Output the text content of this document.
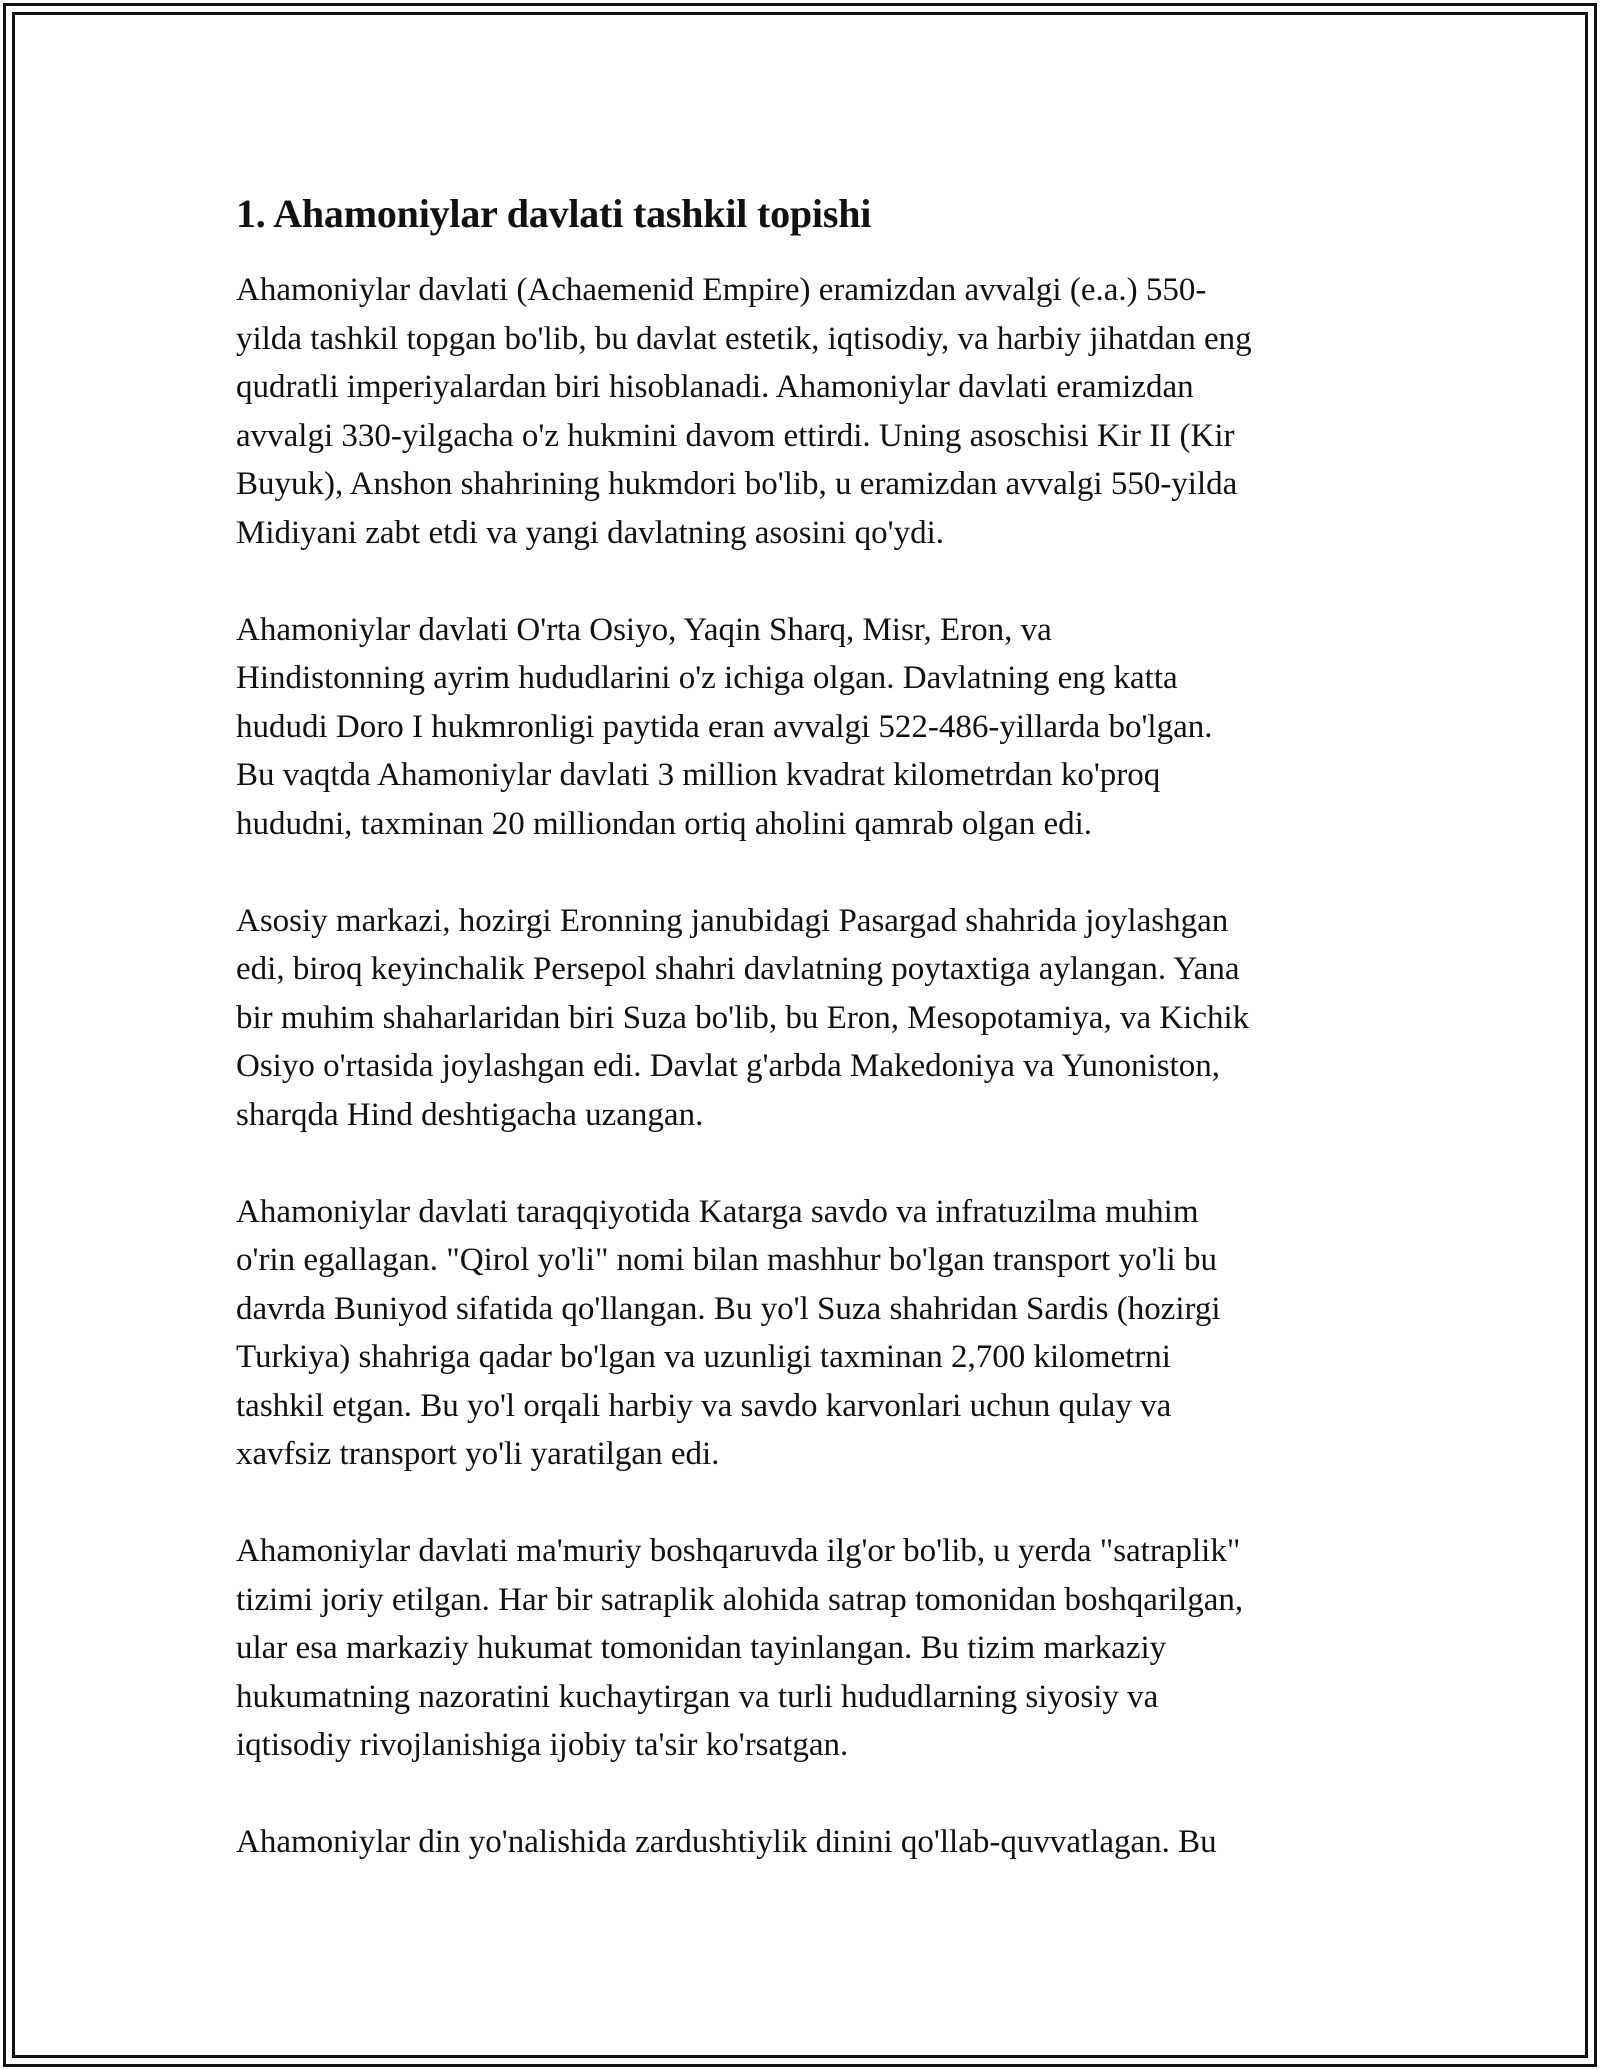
1. Ahamoniylar davlati tashkil topishi

Ahamoniylar davlati (Achaemenid Empire) eramizdan avvalgi (e.a.) 550-
yilda tashkil topgan bo'lib, bu davlat estetik, iqtisodiy, va harbiy jihatdan eng
qudratli imperiyalardan biri hisoblanadi. Ahamoniylar davlati eramizdan
avvalgi 330-yilgacha o'z hukmini davom ettirdi. Uning asoschisi Kir II (Kir
Buyuk), Anshon shahrining hukmdori bo'lib, u eramizdan avvalgi 550-yilda
Midiyani zabt etdi va yangi davlatning asosini qo'ydi.

Ahamoniylar davlati O'rta Osiyo, Yaqin Sharq, Misr, Eron, va
Hindistonning ayrim hududlarini o'z ichiga olgan. Davlatning eng katta
hududi Doro I hukmronligi paytida eran avvalgi 522-486-yillarda bo'lgan.
Bu vaqtda Ahamoniylar davlati 3 million kvadrat kilometrdan ko'proq
hududni, taxminan 20 milliondan ortiq aholini qamrab olgan edi.

Asosiy markazi, hozirgi Eronning janubidagi Pasargad shahrida joylashgan
edi, biroq keyinchalik Persepol shahri davlatning poytaxtiga aylangan. Yana
bir muhim shaharlaridan biri Suza bo'lib, bu Eron, Mesopotamiya, va Kichik
Osiyo o'rtasida joylashgan edi. Davlat g'arbda Makedoniya va Yunoniston,
sharqda Hind deshtigacha uzangan.

Ahamoniylar davlati taraqqiyotida Katarga savdo va infratuzilma muhim
o'rin egallagan. "Qirol yo'li" nomi bilan mashhur bo'lgan transport yo'li bu
davrda Buniyod sifatida qo'llangan. Bu yo'l Suza shahridan Sardis (hozirgi
Turkiya) shahriga qadar bo'lgan va uzunligi taxminan 2,700 kilometrni
tashkil etgan. Bu yo'l orqali harbiy va savdo karvonlari uchun qulay va
xavfsiz transport yo'li yaratilgan edi.

Ahamoniylar davlati ma'muriy boshqaruvda ilg'or bo'lib, u yerda "satraplik"
tizimi joriy etilgan. Har bir satraplik alohida satrap tomonidan boshqarilgan,
ular esa markaziy hukumat tomonidan tayinlangan. Bu tizim markaziy
hukumatning nazoratini kuchaytirgan va turli hududlarning siyosiy va
iqtisodiy rivojlanishiga ijobiy ta'sir ko'rsatgan.

Ahamoniylar din yo'nalishida zardushtiylik dinini qo'llab-quvvatlagan. Bu
